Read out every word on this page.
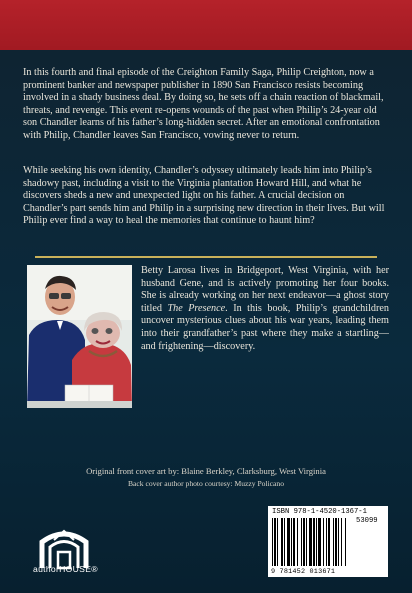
In this fourth and final episode of the Creighton Family Saga, Philip Creighton, now a prominent banker and newspaper publisher in 1890 San Francisco resists becoming involved in a shady business deal. By doing so, he sets off a chain reaction of blackmail, threats, and revenge. This event re-opens wounds of the past when Philip’s 24-year old son Chandler learns of his father’s long-hidden secret. After an emotional confrontation with Philip, Chandler leaves San Francisco, vowing never to return.

While seeking his own identity, Chandler’s odyssey ultimately leads him into Philip’s shadowy past, including a visit to the Virginia plantation Howard Hill, and what he discovers sheds a new and unexpected light on his father. A crucial decision on Chandler’s part sends him and Philip in a surprising new direction in their lives. But will Philip ever find a way to heal the memories that continue to haunt him?

Betty Larosa lives in Bridgeport, West Virginia, with her husband Gene, and is actively promoting her four books. She is already working on her next endeavor—a ghost story titled The Presence. In this book, Philip’s grandchildren uncover mysterious clues about his war years, leading them into their grandfather’s past where they make a startling—and frightening—discovery.

Original front cover art by: Blaine Berkley, Clarksburg, West Virginia

Back cover author photo courtesy: Muzzy Policano

authorHOUSE®
ISBN 978-1-4520-1367-1
53099
9 781452 013671
